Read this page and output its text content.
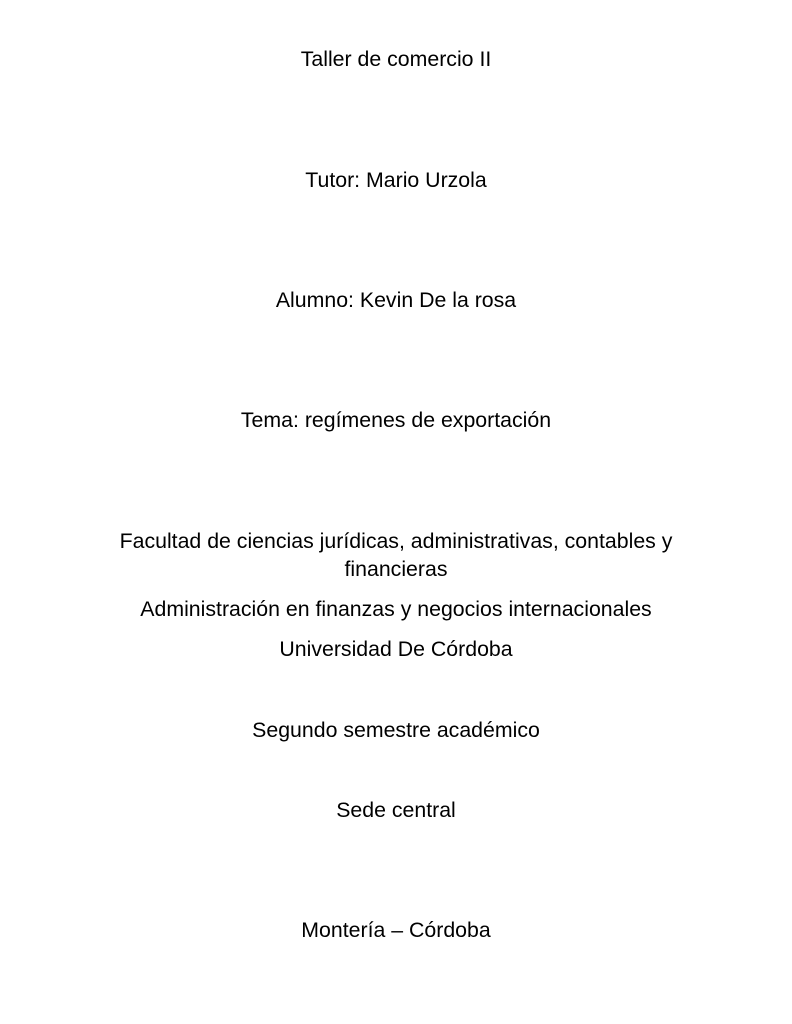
Taller de comercio II
Tutor: Mario Urzola
Alumno: Kevin De la rosa
Tema: regímenes de exportación
Facultad de ciencias jurídicas, administrativas, contables y financieras
Administración en finanzas y negocios internacionales
Universidad De Córdoba
Segundo semestre académico
Sede central
Montería – Córdoba
